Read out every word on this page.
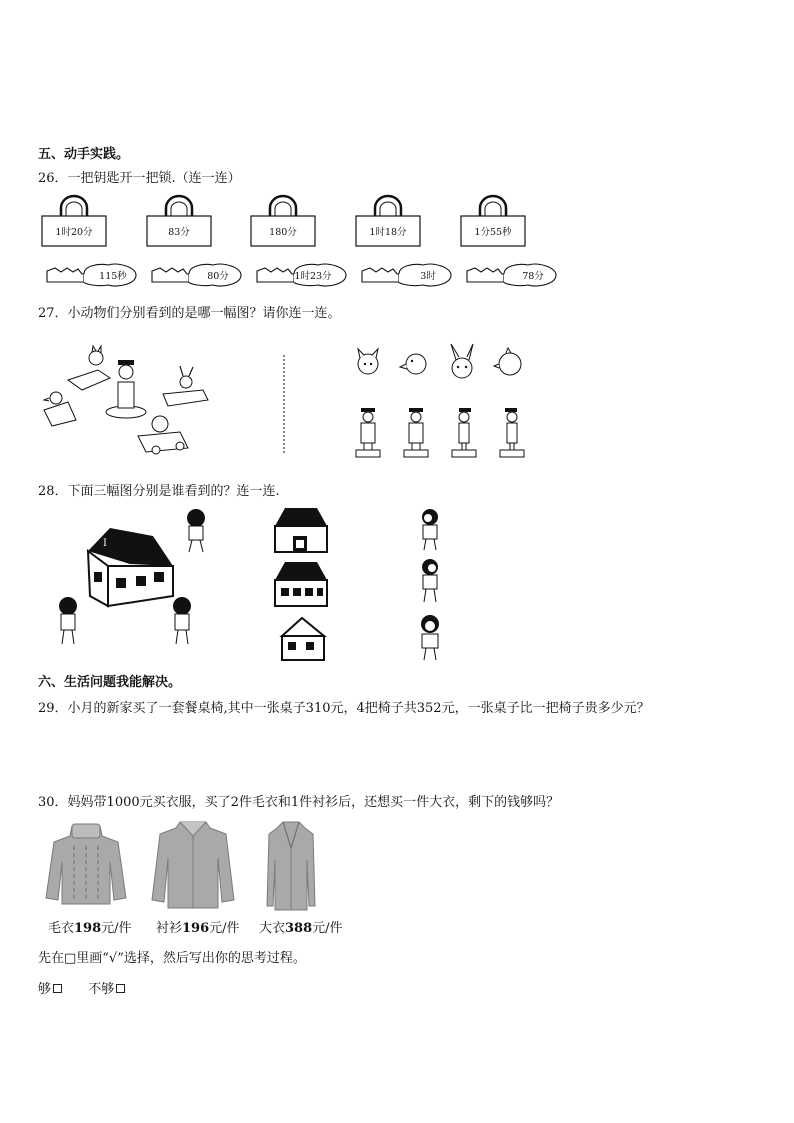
五、动手实践。
26．一把钥匙开一把锁.（连一连）
1时20分	83分	180分	1时18分	1分55秒
115秒	80分	1时23分	3时	78分
27．小动物们分别看到的是哪一幅图？请你连一连。
28．下面三幅图分别是谁看到的？连一连.
I
六、生活问题我能解决。
29．小月的新家买了一套餐桌椅,其中一张桌子310元，4把椅子共352元，一张桌子比一把椅子贵多少元？
30．妈妈带1000元买衣服，买了2件毛衣和1件衬衫后，还想买一件大衣，剩下的钱够吗？
毛衣198元/件 衬衫196元/件 大衣388元/件
先在□里画“√”选择，然后写出你的思考过程。
够	不够
